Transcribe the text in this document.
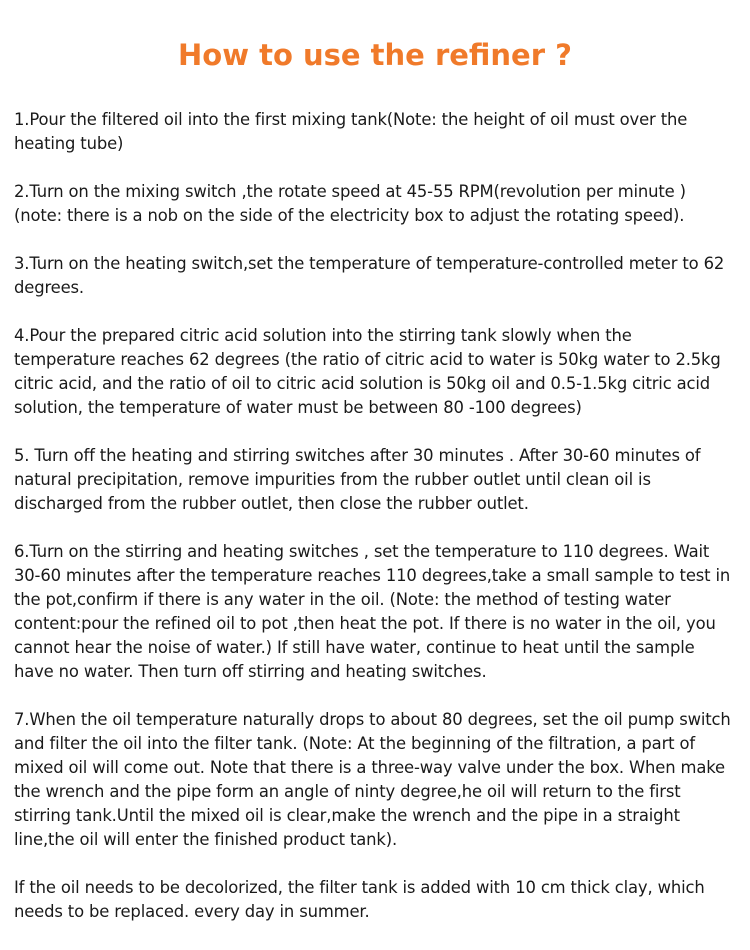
How to use the refiner ?

1.Pour the filtered oil into the first mixing tank(Note: the height of oil must over the heating tube)

2.Turn on the mixing switch ,the rotate speed at 45-55 RPM(revolution per minute ) (note: there is a nob on the side of the electricity box to adjust the rotating speed).

3.Turn on the heating switch,set the temperature of temperature-controlled meter to 62 degrees.

4.Pour the prepared citric acid solution into the stirring tank slowly when the temperature reaches 62 degrees (the ratio of citric acid to water is 50kg water to 2.5kg citric acid, and the ratio of oil to citric acid solution is 50kg oil and 0.5-1.5kg citric acid solution, the temperature of water must be between 80 -100 degrees)

5. Turn off the heating and stirring switches after 30 minutes . After 30-60 minutes of natural precipitation, remove impurities from the rubber outlet until clean oil is discharged from the rubber outlet, then close the rubber outlet.

6.Turn on the stirring and heating switches , set the temperature to 110 degrees. Wait 30-60 minutes after the temperature reaches 110 degrees,take a small sample to test in the pot,confirm if there is any water in the oil. (Note: the method of testing water content:pour the refined oil to pot ,then heat the pot. If there is no water in the oil, you cannot hear the noise of water.) If still have water, continue to heat until the sample have no water. Then turn off stirring and heating switches.

7.When the oil temperature naturally drops to about 80 degrees, set the oil pump switch and filter the oil into the filter tank. (Note: At the beginning of the filtration, a part of mixed oil will come out. Note that there is a three-way valve under the box. When make the wrench and the pipe form an angle of ninty degree,he oil will return to the first stirring tank.Until the mixed oil is clear,make the wrench and the pipe in a straight line,the oil will enter the finished product tank).

If the oil needs to be decolorized, the filter tank is added with 10 cm thick clay, which needs to be replaced. every day in summer.
